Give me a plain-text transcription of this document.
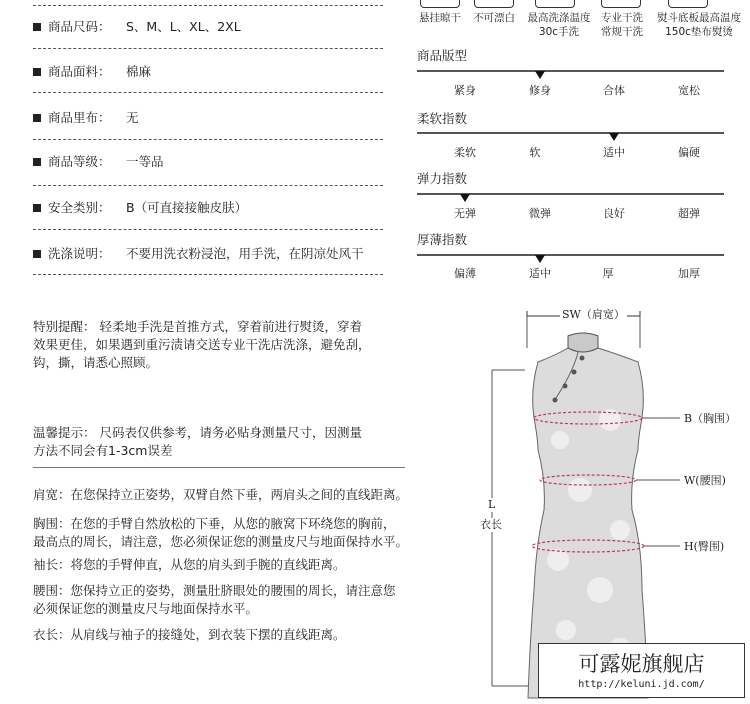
商品尺码： S、M、L、XL、2XL
商品面料： 棉麻
商品里布： 无
商品等级： 一等品
安全类别： B（可直接接触皮肤）
洗涤说明： 不要用洗衣粉浸泡，用手洗，在阴凉处风干
特别提醒： 轻柔地手洗是首推方式，穿着前进行熨烫，穿着
效果更佳，如果遇到重污渍请交送专业干洗店洗涤，避免刮，
钩，撕，请悉心照顾。
温馨提示： 尺码表仅供参考，请务必贴身测量尺寸，因测量
方法不同会有1-3cm误差
肩宽：在您保持立正姿势，双臂自然下垂，两肩头之间的直线距离。
胸围：在您的手臂自然放松的下垂，从您的腋窝下环绕您的胸前，
最高点的周长，请注意，您必须保证您的测量皮尺与地面保持水平。
袖长：将您的手臂伸直，从您的肩头到手腕的直线距离。
腰围：您保持立正的姿势，测量肚脐眼处的腰围的周长，请注意您
必须保证您的测量皮尺与地面保持水平。
衣长：从肩线与袖子的接缝处，到衣装下摆的直线距离。
悬挂晾干	不可漂白	最高洗涤温度
30c手洗
专业干洗
常规干洗
熨斗底板最高温度
150c垫布熨烫
商品版型
紧身	修身	合体	宽松
柔软指数
柔软	软	适中	偏硬
弹力指数
无弹	微弹	良好	超弹
厚薄指数
偏薄	适中	厚	加厚
SW（肩宽）
B（胸围）
W(腰围)
H(臀围)
L
衣长
可露妮旗舰店
http://keluni.jd.com/
